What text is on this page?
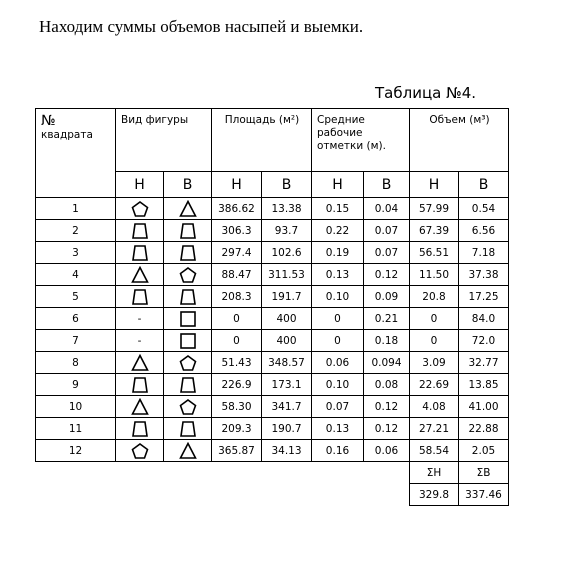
Находим суммы объемов насыпей и выемки.
Таблица №4.
№
квадрата	Вид фигуры		Площадь (м²)		Средние рабочие отметки (м).		Объем (м³)	
	Н	В	Н	В	Н	В	Н	В
1			386.62	13.38	0.15	0.04	57.99	0.54
2			306.3	93.7	0.22	0.07	67.39	6.56
3			297.4	102.6	0.19	0.07	56.51	7.18
4			88.47	311.53	0.13	0.12	11.50	37.38
5			208.3	191.7	0.10	0.09	20.8	17.25
6	-		0	400	0	0.21	0	84.0
7	-		0	400	0	0.18	0	72.0
8			51.43	348.57	0.06	0.094	3.09	32.77
9			226.9	173.1	0.10	0.08	22.69	13.85
10			58.30	341.7	0.07	0.12	4.08	41.00
11			209.3	190.7	0.13	0.12	27.21	22.88
12			365.87	34.13	0.16	0.06	58.54	2.05
							ΣН	ΣВ
							329.8	337.46
